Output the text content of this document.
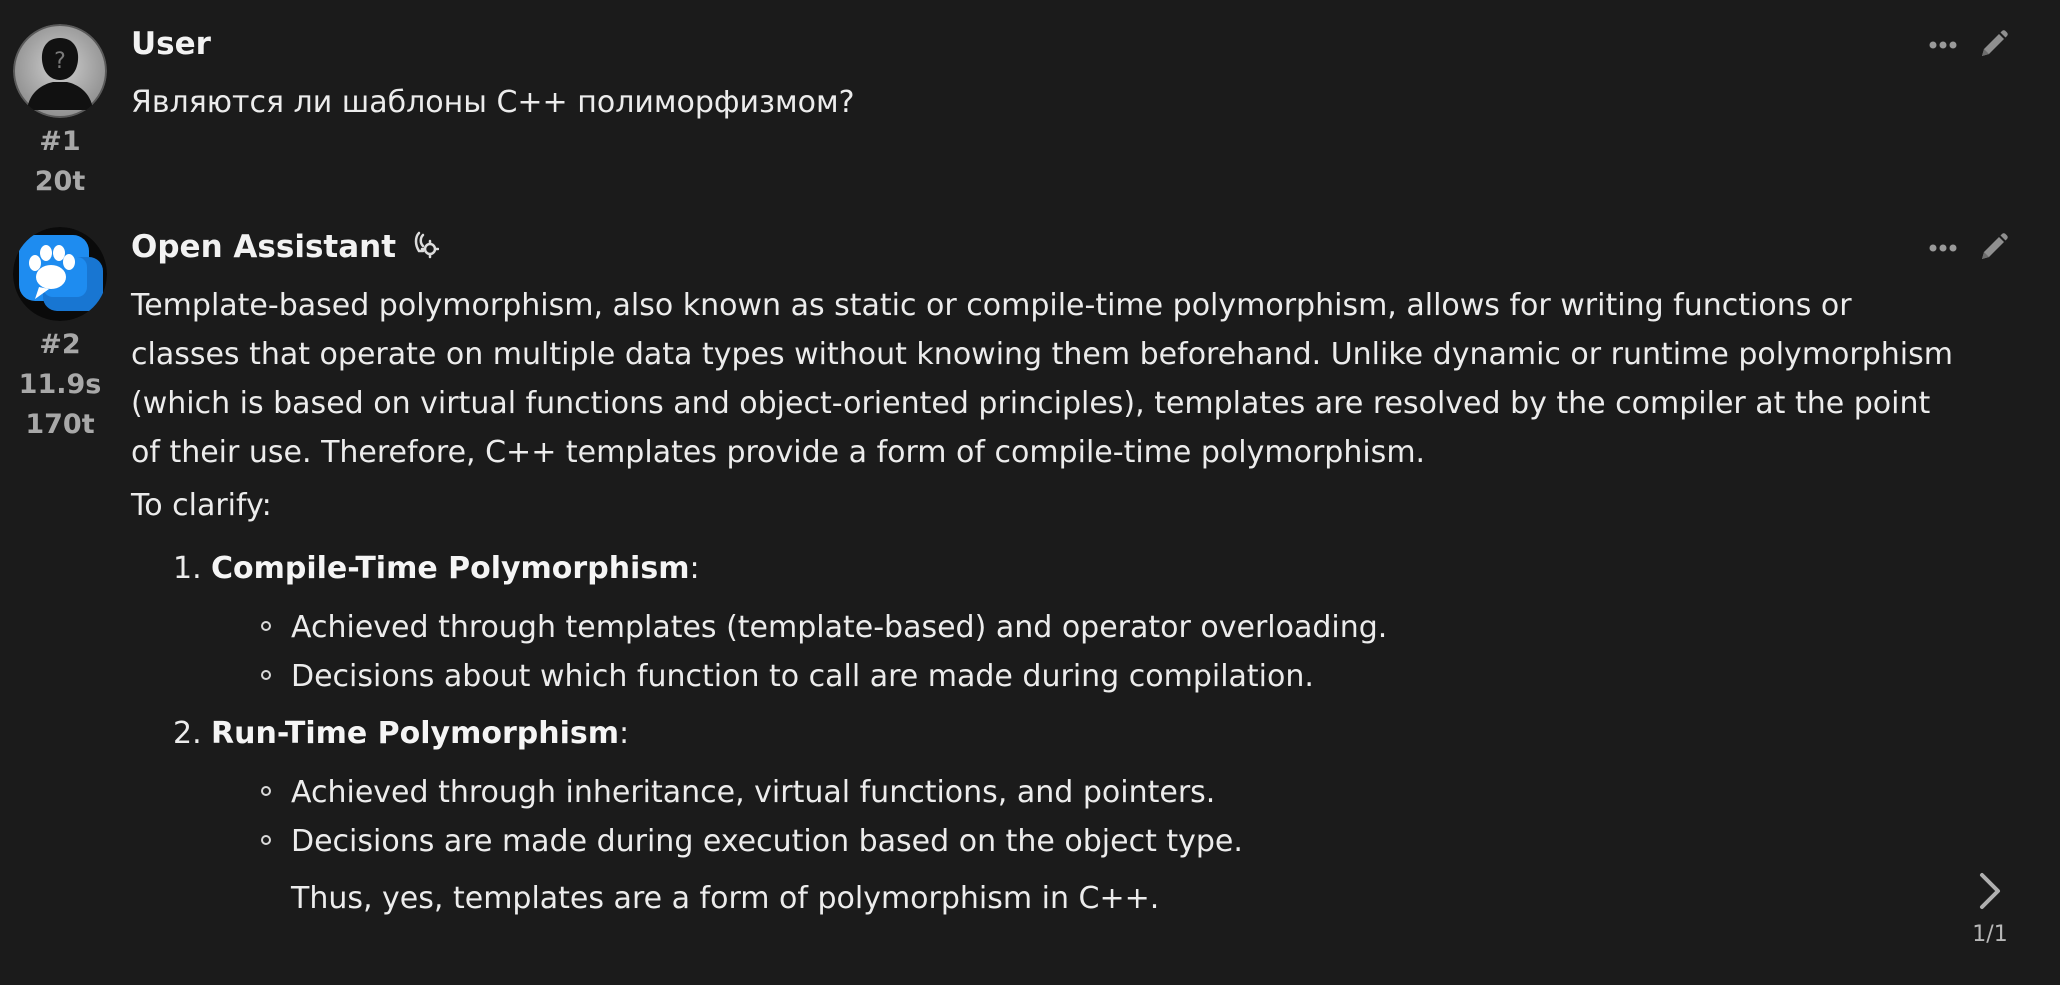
?
#1
20t
User

Являются ли шаблоны C++ полиморфизмом?

#2
11.9s
170t
Open Assistant

Template-based polymorphism, also known as static or compile-time polymorphism, allows for writing functions or classes that operate on multiple data types without knowing them beforehand. Unlike dynamic or runtime polymorphism (which is based on virtual functions and object-oriented principles), templates are resolved by the compiler at the point of their use. Therefore, C++ templates provide a form of compile-time polymorphism.

To clarify:

1. Compile-Time Polymorphism:
Achieved through templates (template-based) and operator overloading.
Decisions about which function to call are made during compilation.
2. Run-Time Polymorphism:
Achieved through inheritance, virtual functions, and pointers.
Decisions are made during execution based on the object type.

Thus, yes, templates are a form of polymorphism in C++.

1/1
